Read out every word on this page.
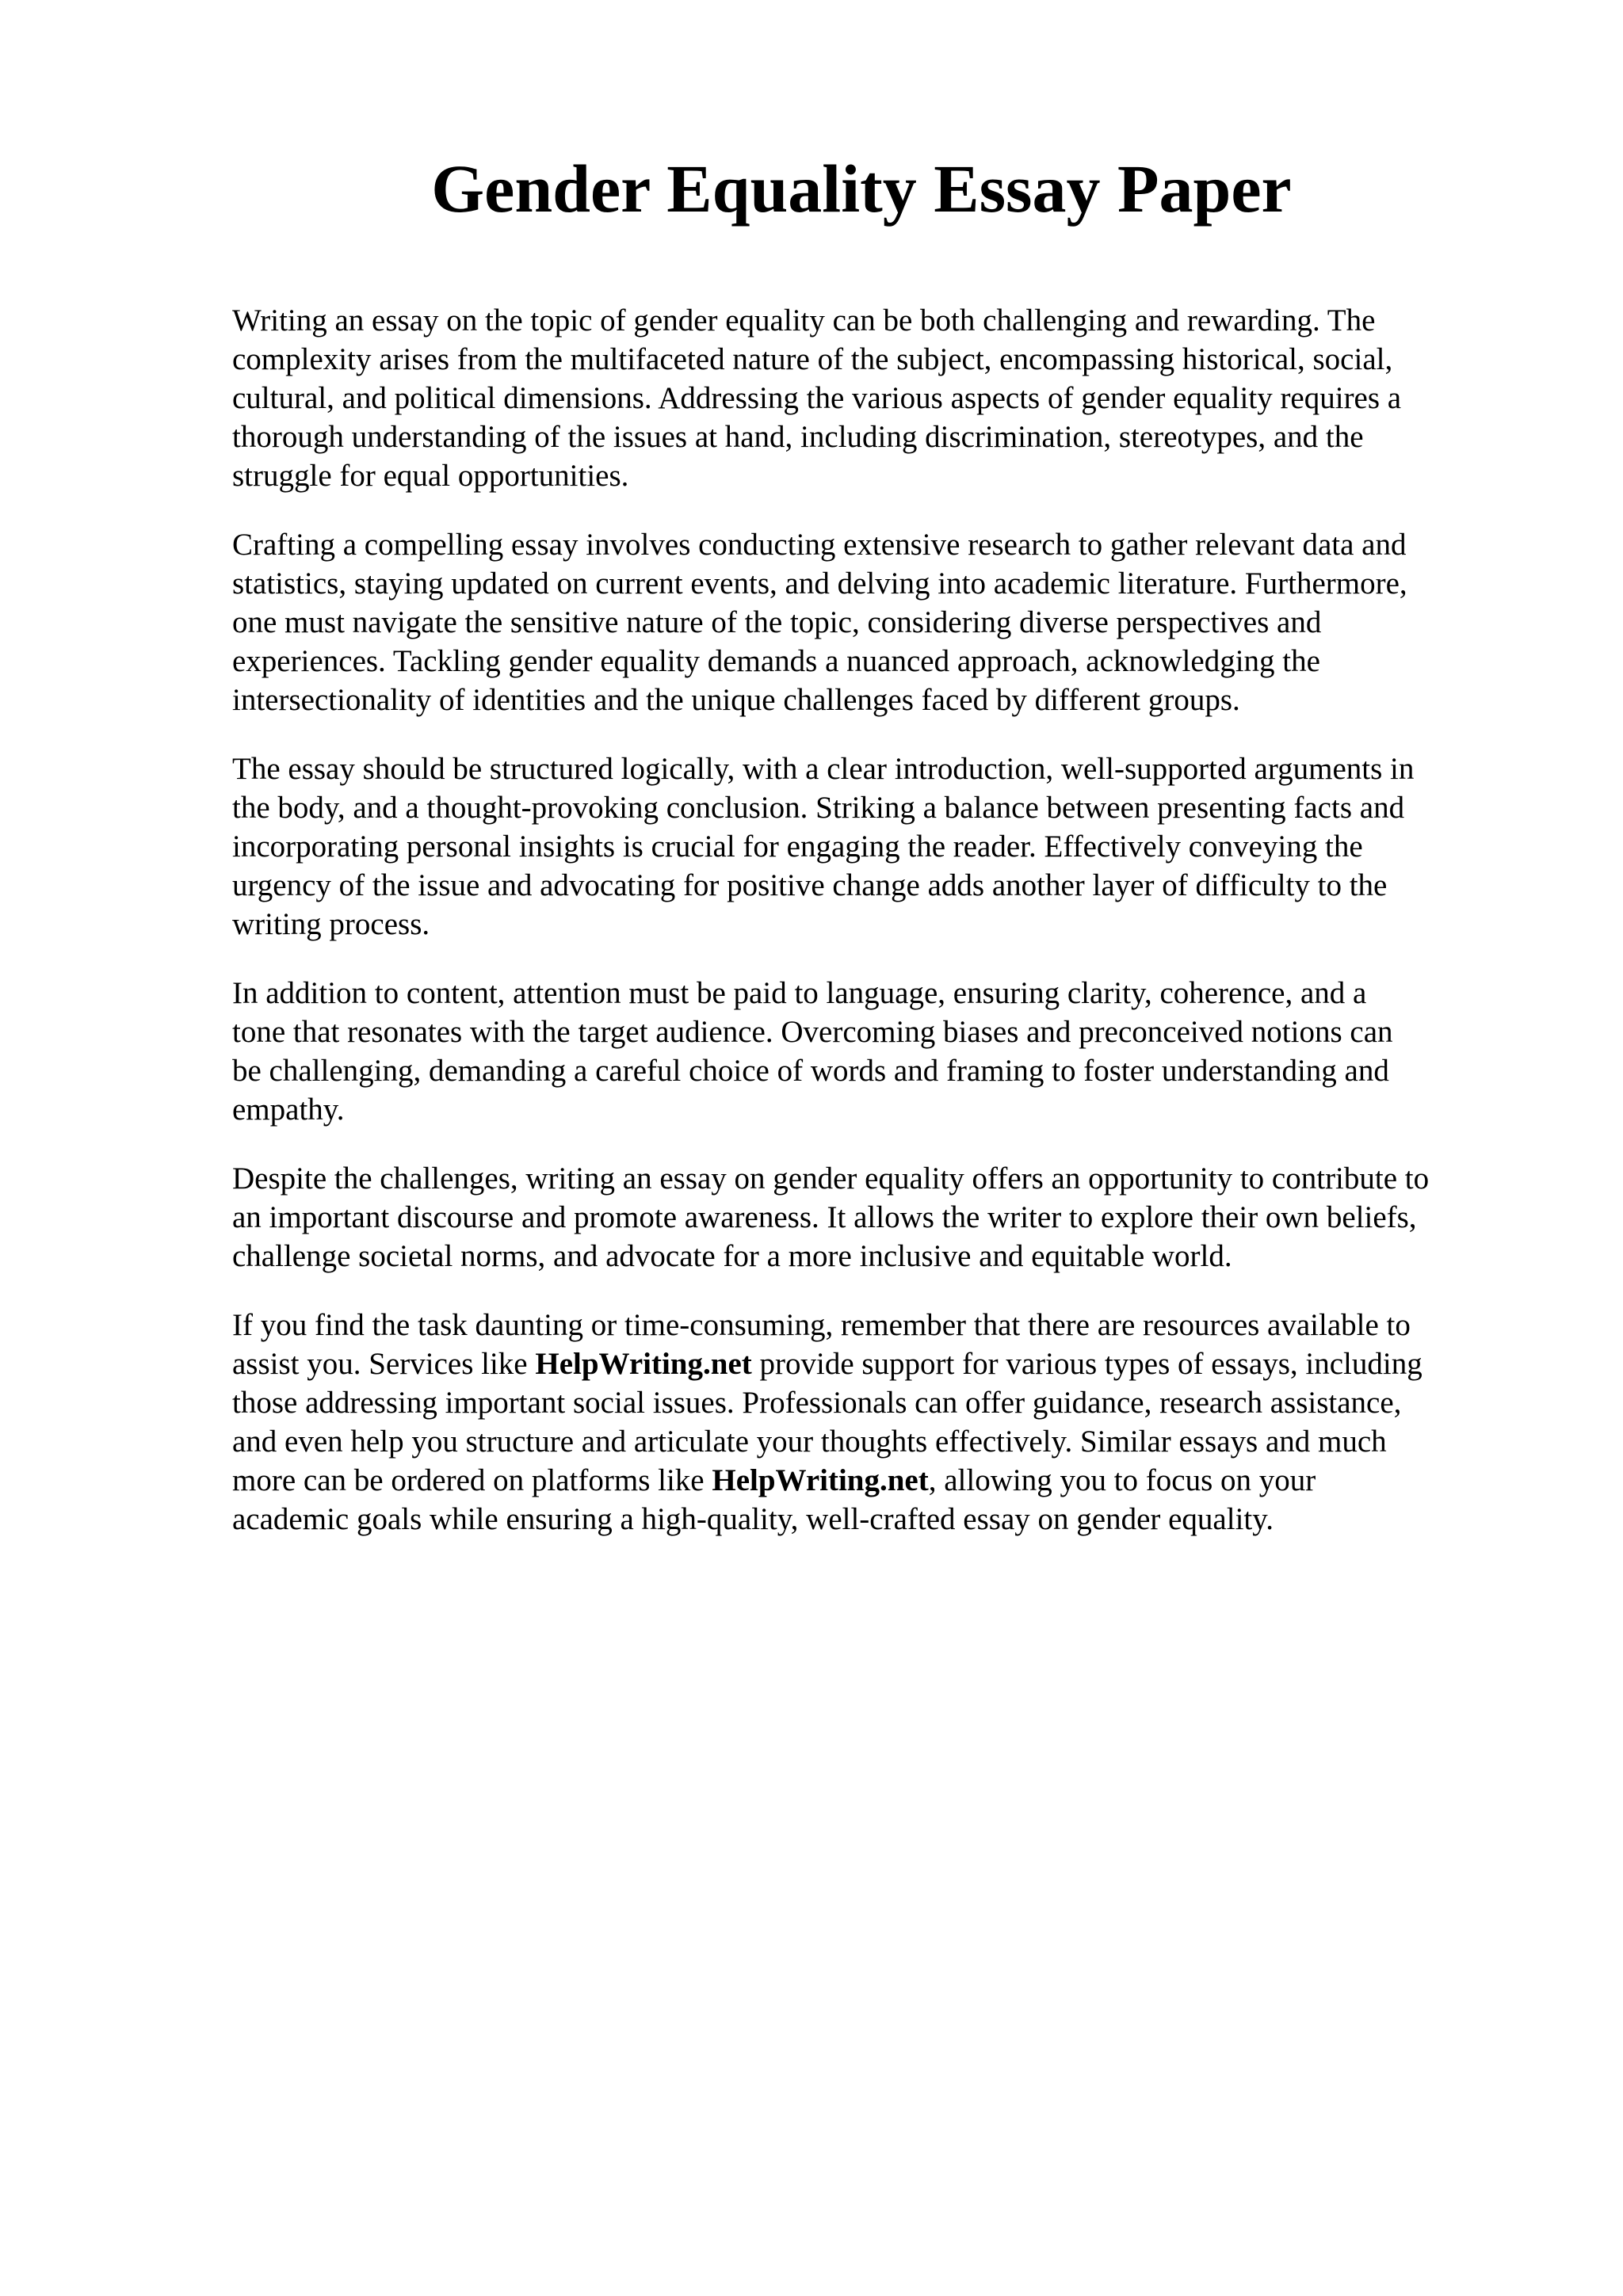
Gender Equality Essay Paper

Writing an essay on the topic of gender equality can be both challenging and rewarding. The
complexity arises from the multifaceted nature of the subject, encompassing historical, social,
cultural, and political dimensions. Addressing the various aspects of gender equality requires a
thorough understanding of the issues at hand, including discrimination, stereotypes, and the
struggle for equal opportunities.

Crafting a compelling essay involves conducting extensive research to gather relevant data and
statistics, staying updated on current events, and delving into academic literature. Furthermore,
one must navigate the sensitive nature of the topic, considering diverse perspectives and
experiences. Tackling gender equality demands a nuanced approach, acknowledging the
intersectionality of identities and the unique challenges faced by different groups.

The essay should be structured logically, with a clear introduction, well-supported arguments in
the body, and a thought-provoking conclusion. Striking a balance between presenting facts and
incorporating personal insights is crucial for engaging the reader. Effectively conveying the
urgency of the issue and advocating for positive change adds another layer of difficulty to the
writing process.

In addition to content, attention must be paid to language, ensuring clarity, coherence, and a
tone that resonates with the target audience. Overcoming biases and preconceived notions can
be challenging, demanding a careful choice of words and framing to foster understanding and
empathy.

Despite the challenges, writing an essay on gender equality offers an opportunity to contribute to
an important discourse and promote awareness. It allows the writer to explore their own beliefs,
challenge societal norms, and advocate for a more inclusive and equitable world.

If you find the task daunting or time-consuming, remember that there are resources available to
assist you. Services like HelpWriting.net provide support for various types of essays, including
those addressing important social issues. Professionals can offer guidance, research assistance,
and even help you structure and articulate your thoughts effectively. Similar essays and much
more can be ordered on platforms like HelpWriting.net, allowing you to focus on your
academic goals while ensuring a high-quality, well-crafted essay on gender equality.
